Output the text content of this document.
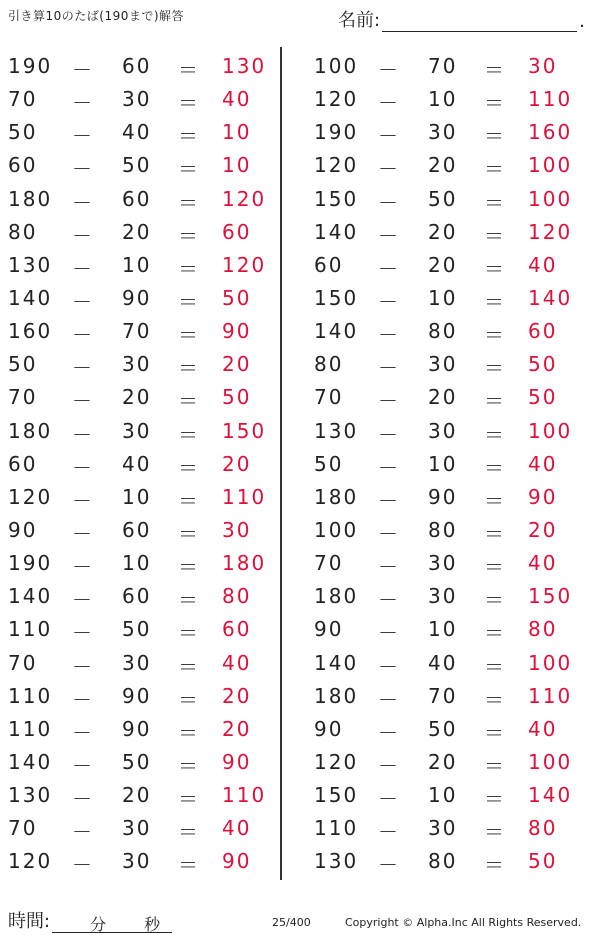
引き算10のたば(190まで)解答	名前:	.
190 － 60 ＝ 130
70 － 30 ＝ 40
50 － 40 ＝ 10
60 － 50 ＝ 10
180 － 60 ＝ 120
80 － 20 ＝ 60
130 － 10 ＝ 120
140 － 90 ＝ 50
160 － 70 ＝ 90
50 － 30 ＝ 20
70 － 20 ＝ 50
180 － 30 ＝ 150
60 － 40 ＝ 20
120 － 10 ＝ 110
90 － 60 ＝ 30
190 － 10 ＝ 180
140 － 60 ＝ 80
110 － 50 ＝ 60
70 － 30 ＝ 40
110 － 90 ＝ 20
110 － 90 ＝ 20
140 － 50 ＝ 90
130 － 20 ＝ 110
70 － 30 ＝ 40
120 － 30 ＝ 90
100 － 70 ＝ 30
120 － 10 ＝ 110
190 － 30 ＝ 160
120 － 20 ＝ 100
150 － 50 ＝ 100
140 － 20 ＝ 120
60 － 20 ＝ 40
150 － 10 ＝ 140
140 － 80 ＝ 60
80 － 30 ＝ 50
70 － 20 ＝ 50
130 － 30 ＝ 100
50 － 10 ＝ 40
180 － 90 ＝ 90
100 － 80 ＝ 20
70 － 30 ＝ 40
180 － 30 ＝ 150
90 － 10 ＝ 80
140 － 40 ＝ 100
180 － 70 ＝ 110
90 － 50 ＝ 40
120 － 20 ＝ 100
150 － 10 ＝ 140
110 － 30 ＝ 80
130 － 80 ＝ 50
時間:	分 秒	25/400	Copyright © Alpha.Inc All Rights Reserved.
